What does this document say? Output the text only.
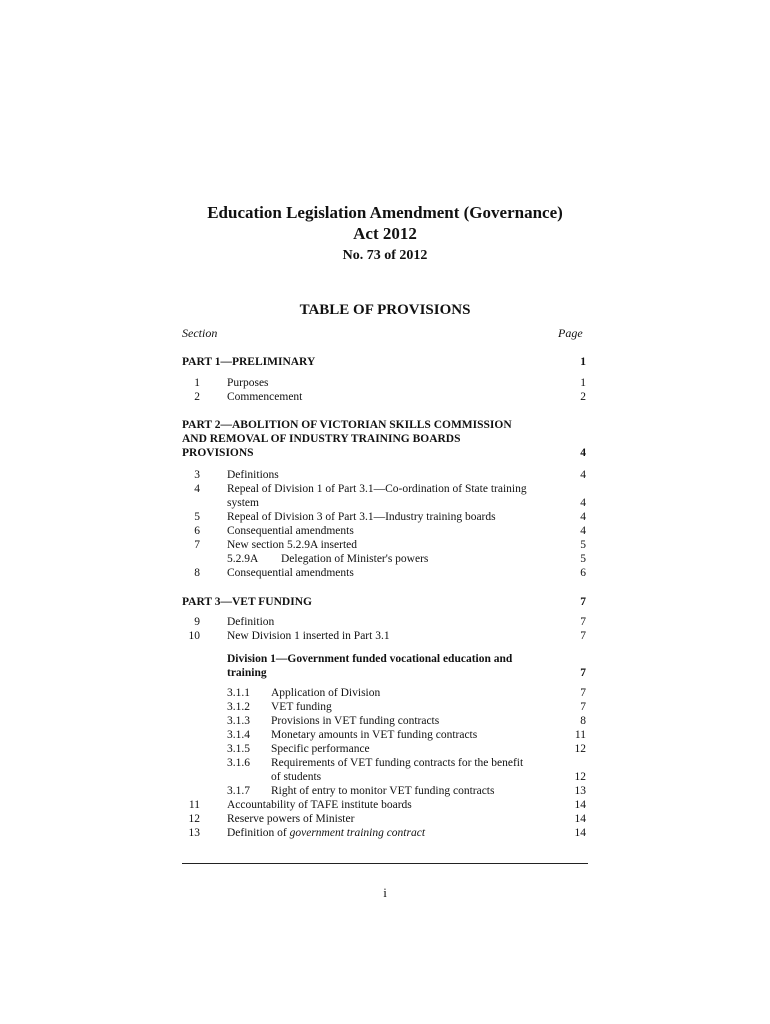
Education Legislation Amendment (Governance)
Act 2012
No. 73 of 2012
TABLE OF PROVISIONS
Section	Page
PART 1—PRELIMINARY	1
1 Purposes	1
2 Commencement	2
PART 2—ABOLITION OF VICTORIAN SKILLS COMMISSION AND REMOVAL OF INDUSTRY TRAINING BOARDS PROVISIONS	4
3 Definitions	4
4 Repeal of Division 1 of Part 3.1—Co-ordination of State training system	4
5 Repeal of Division 3 of Part 3.1—Industry training boards	4
6 Consequential amendments	4
7 New section 5.2.9A inserted	5
5.2.9A Delegation of Minister's powers	5
8 Consequential amendments	6
PART 3—VET FUNDING	7
9 Definition	7
10 New Division 1 inserted in Part 3.1	7
Division 1—Government funded vocational education and training	7
3.1.1 Application of Division	7
3.1.2 VET funding	7
3.1.3 Provisions in VET funding contracts	8
3.1.4 Monetary amounts in VET funding contracts	11
3.1.5 Specific performance	12
3.1.6 Requirements of VET funding contracts for the benefit of students	12
3.1.7 Right of entry to monitor VET funding contracts	13
11 Accountability of TAFE institute boards	14
12 Reserve powers of Minister	14
13 Definition of government training contract	14
i
